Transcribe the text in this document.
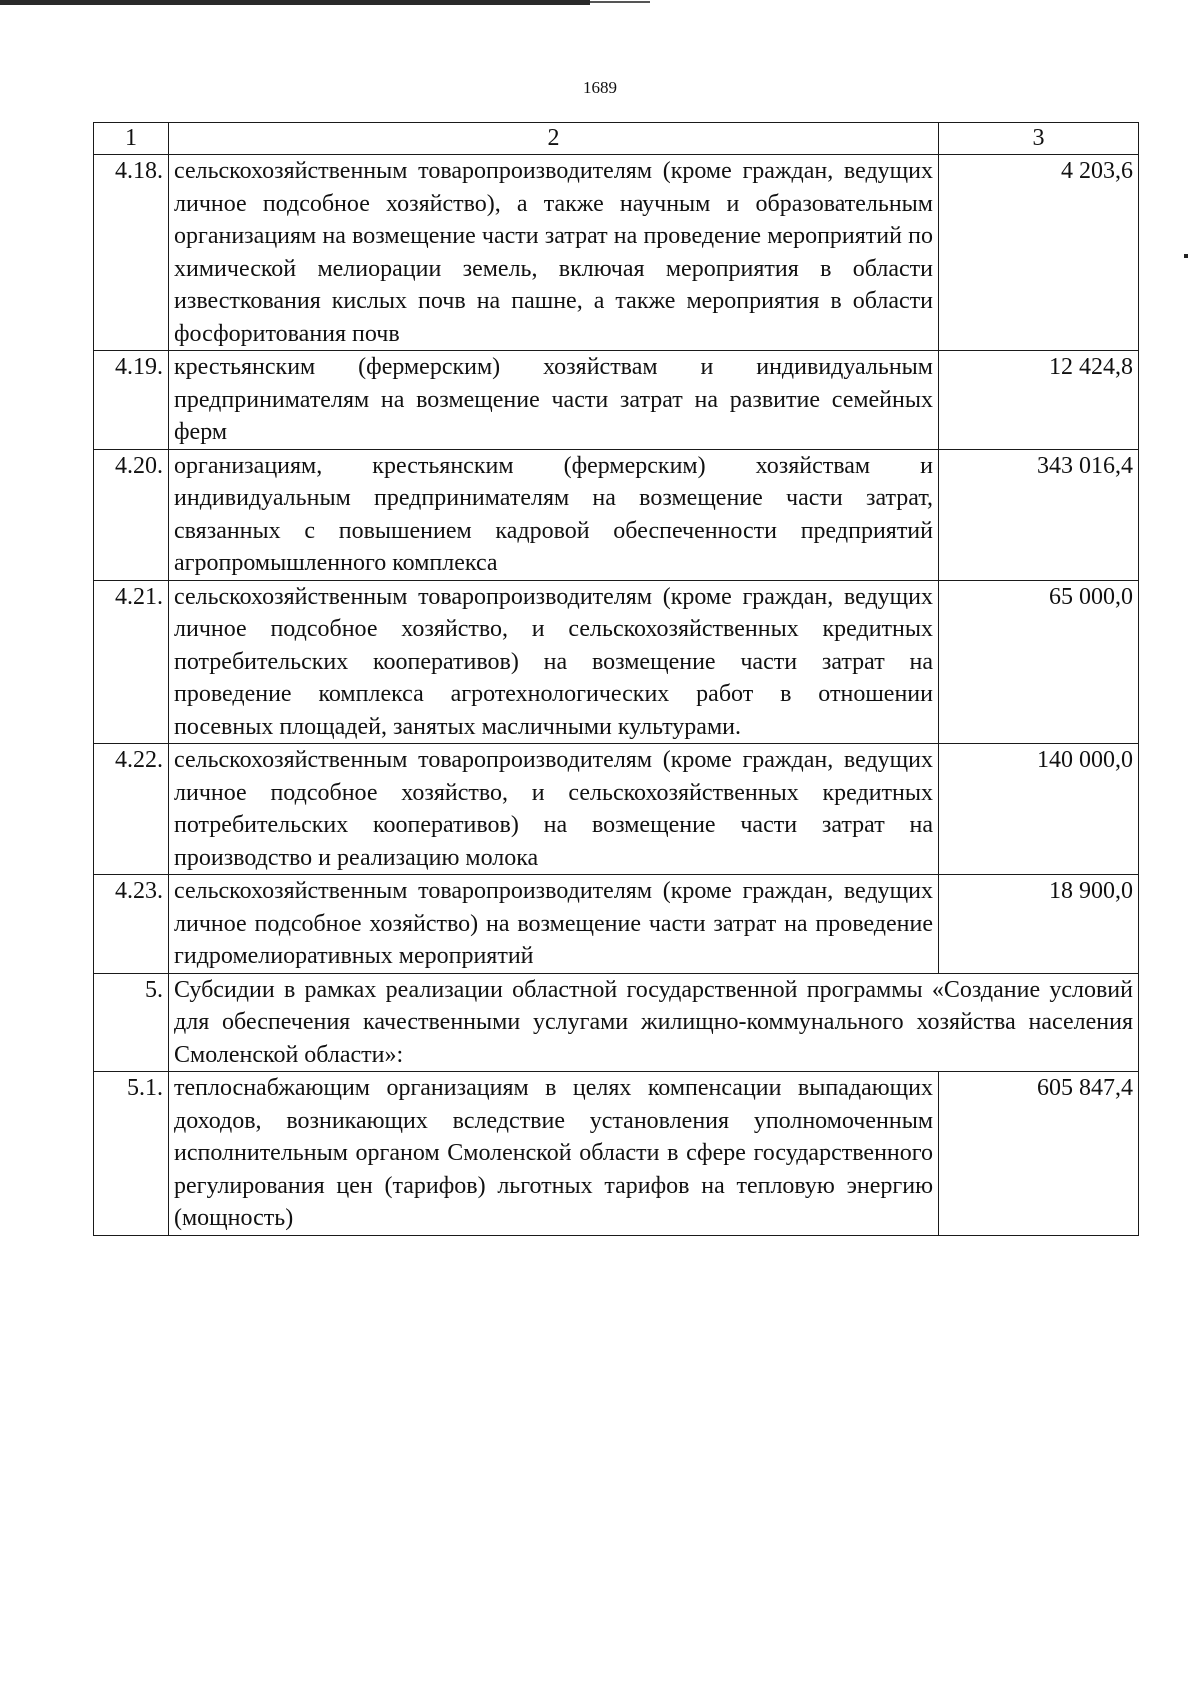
1689
1	2	3
4.18.	сельскохозяйственным товаропроизводителям (кроме граждан, ведущих личное подсобное хозяйство), а также научным и образовательным организациям на возмещение части затрат на проведение мероприятий по химической мелиорации земель, включая мероприятия в области известкования кислых почв на пашне, а также мероприятия в области фосфоритования почв	4 203,6
4.19.	крестьянским (фермерским) хозяйствам и индивидуальным предпринимателям на возмещение части затрат на развитие семейных ферм	12 424,8
4.20.	организациям, крестьянским (фермерским) хозяйствам и индивидуальным предпринимателям на возмещение части затрат, связанных с повышением кадровой обеспеченности предприятий агропромышленного комплекса	343 016,4
4.21.	сельскохозяйственным товаропроизводителям (кроме граждан, ведущих личное подсобное хозяйство, и сельскохозяйственных кредитных потребительских кооперативов) на возмещение части затрат на проведение комплекса агротехнологических работ в отношении посевных площадей, занятых масличными культурами.	65 000,0
4.22.	сельскохозяйственным товаропроизводителям (кроме граждан, ведущих личное подсобное хозяйство, и сельскохозяйственных кредитных потребительских кооперативов) на возмещение части затрат на производство и реализацию молока	140 000,0
4.23.	сельскохозяйственным товаропроизводителям (кроме граждан, ведущих личное подсобное хозяйство) на возмещение части затрат на проведение гидромелиоративных мероприятий	18 900,0
5.	Субсидии в рамках реализации областной государственной программы «Создание условий для обеспечения качественными услугами жилищно-коммунального хозяйства населения Смоленской области»:	
5.1.	теплоснабжающим организациям в целях компенсации выпадающих доходов, возникающих вследствие установления уполномоченным исполнительным органом Смоленской области в сфере государственного регулирования цен (тарифов) льготных тарифов на тепловую энергию (мощность)	605 847,4
